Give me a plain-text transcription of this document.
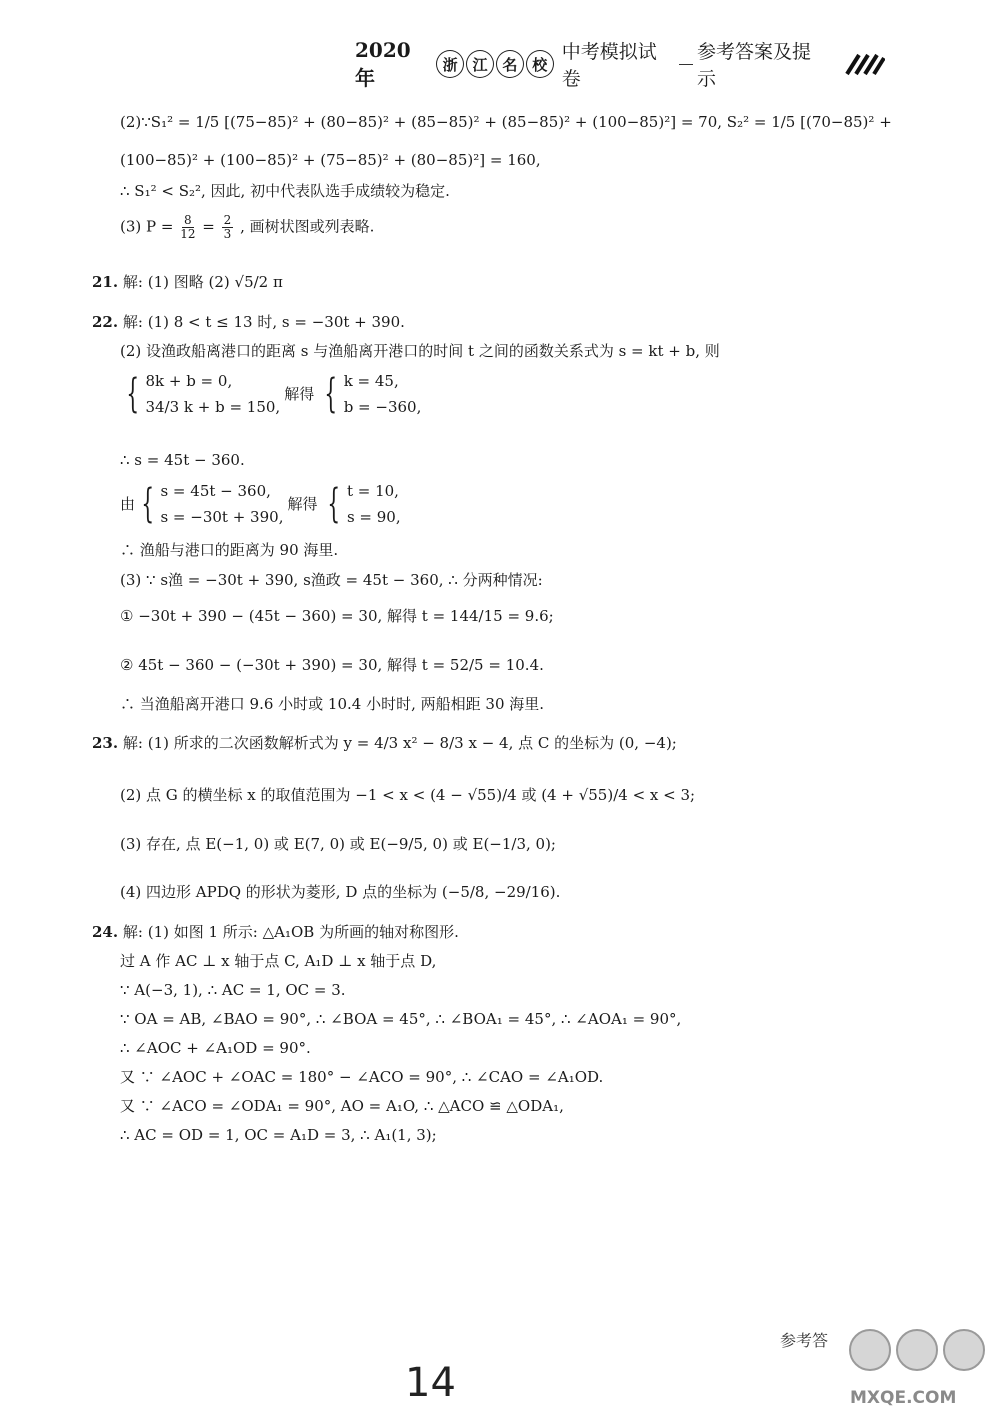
2020年
浙 江 名 校
中考模拟试卷
参考答案及提示
(2)∵S₁² = 1/5 [(75−85)² + (80−85)² + (85−85)² + (85−85)² + (100−85)²] = 70, S₂² = 1/5 [(70−85)² +
(100−85)² + (100−85)² + (75−85)² + (80−85)²] = 160,
∴ S₁² < S₂², 因此, 初中代表队选手成绩较为稳定.
(3) $P = \frac{8}{12} = \frac{2}{3}$ , 画树状图或列表略.
21. 解: (1) 图略 (2) √5/2 π
22. 解: (1) 8 < t ≤ 13 时, s = −30t + 390.
(2) 设渔政船离港口的距离 s 与渔船离开港口的时间 t 之间的函数关系式为 s = kt + b, 则
{ 8k + b = 0,
34/3 k + b = 150,
解得 { k = 45,
b = −360,
∴ s = 45t − 360.
由 { s = 45t − 360,
s = −30t + 390,
解得 { t = 10,
s = 90,
∴ 渔船与港口的距离为 90 海里.
(3) ∵ s渔 = −30t + 390, s渔政 = 45t − 360, ∴ 分两种情况:
① −30t + 390 − (45t − 360) = 30, 解得 t = 144/15 = 9.6;
② 45t − 360 − (−30t + 390) = 30, 解得 t = 52/5 = 10.4.
∴ 当渔船离开港口 9.6 小时或 10.4 小时时, 两船相距 30 海里.
23. 解: (1) 所求的二次函数解析式为 y = 4/3 x² − 8/3 x − 4, 点 C 的坐标为 (0, −4);
(2) 点 G 的横坐标 x 的取值范围为 −1 < x < (4 − √55)/4 或 (4 + √55)/4 < x < 3;
(3) 存在, 点 E(−1, 0) 或 E(7, 0) 或 E(−9/5, 0) 或 E(−1/3, 0);
(4) 四边形 APDQ 的形状为菱形, D 点的坐标为 (−5/8, −29/16).
24. 解: (1) 如图 1 所示: △A₁OB 为所画的轴对称图形.
过 A 作 AC ⊥ x 轴于点 C, A₁D ⊥ x 轴于点 D,
∵ A(−3, 1), ∴ AC = 1, OC = 3.
∵ OA = AB, ∠BAO = 90°, ∴ ∠BOA = 45°, ∴ ∠BOA₁ = 45°, ∴ ∠AOA₁ = 90°,
∴ ∠AOC + ∠A₁OD = 90°.
又 ∵ ∠AOC + ∠OAC = 180° − ∠ACO = 90°, ∴ ∠CAO = ∠A₁OD.
又 ∵ ∠ACO = ∠ODA₁ = 90°, AO = A₁O, ∴ △ACO ≌ △ODA₁,
∴ AC = OD = 1, OC = A₁D = 3, ∴ A₁(1, 3);
参考答
14	MXQE.COM
